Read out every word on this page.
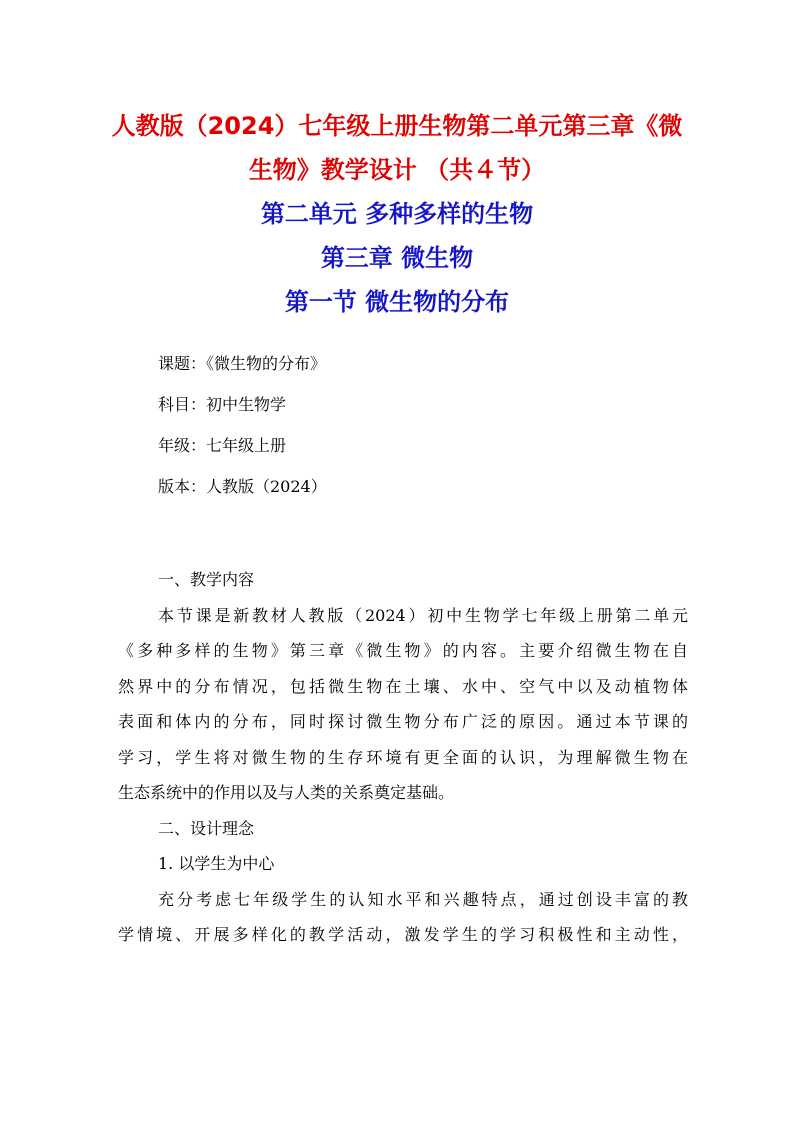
人教版（2024）七年级上册生物第二单元第三章《微

生物》教学设计 （共４节）

第二单元 多种多样的生物

第三章 微生物

第一节 微生物的分布

课题：《微生物的分布》
科目：初中生物学
年级：七年级上册
版本：人教版（2024）

一、教学内容

本节课是新教材人教版（2024）初中生物学七年级上册第二单元
《多种多样的生物》第三章《微生物》的内容。主要介绍微生物在自
然界中的分布情况，包括微生物在土壤、水中、空气中以及动植物体
表面和体内的分布，同时探讨微生物分布广泛的原因。通过本节课的
学习，学生将对微生物的生存环境有更全面的认识，为理解微生物在
生态系统中的作用以及与人类的关系奠定基础。

二、设计理念

1. 以学生为中心

充分考虑七年级学生的认知水平和兴趣特点，通过创设丰富的教
学情境、开展多样化的教学活动，激发学生的学习积极性和主动性，
